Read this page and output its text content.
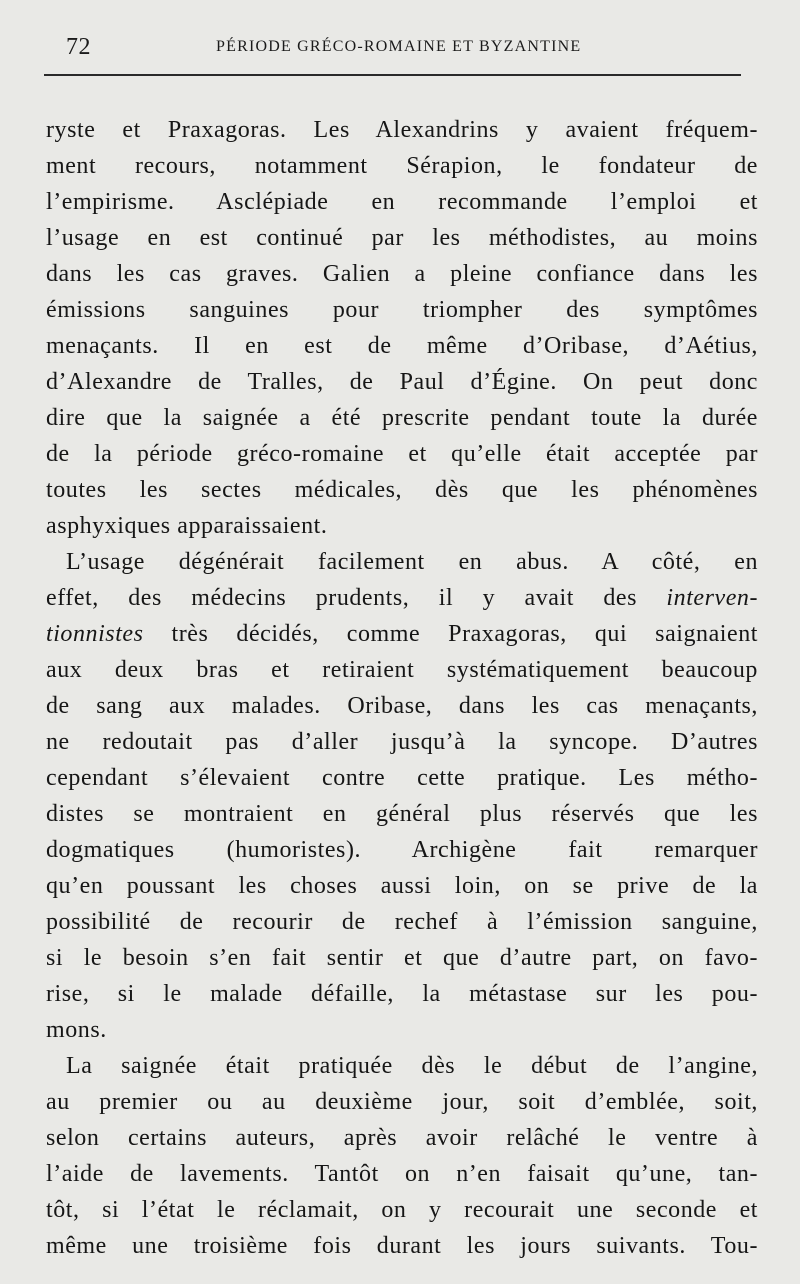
72	PÉRIODE GRÉCO-ROMAINE ET BYZANTINE
ryste et Praxagoras. Les Alexandrins y avaient fréquem-
ment recours, notamment Sérapion, le fondateur de
l’empirisme. Asclépiade en recommande l’emploi et
l’usage en est continué par les méthodistes, au moins
dans les cas graves. Galien a pleine confiance dans les
émissions sanguines pour triompher des symptômes
menaçants. Il en est de même d’Oribase, d’Aétius,
d’Alexandre de Tralles, de Paul d’Égine. On peut donc
dire que la saignée a été prescrite pendant toute la durée
de la période gréco-romaine et qu’elle était acceptée par
toutes les sectes médicales, dès que les phénomènes
asphyxiques apparaissaient.
L’usage dégénérait facilement en abus. A côté, en
effet, des médecins prudents, il y avait des interven-
tionnistes très décidés, comme Praxagoras, qui saignaient
aux deux bras et retiraient systématiquement beaucoup
de sang aux malades. Oribase, dans les cas menaçants,
ne redoutait pas d’aller jusqu’à la syncope. D’autres
cependant s’élevaient contre cette pratique. Les métho-
distes se montraient en général plus réservés que les
dogmatiques (humoristes). Archigène fait remarquer
qu’en poussant les choses aussi loin, on se prive de la
possibilité de recourir de rechef à l’émission sanguine,
si le besoin s’en fait sentir et que d’autre part, on favo-
rise, si le malade défaille, la métastase sur les pou-
mons.
La saignée était pratiquée dès le début de l’angine,
au premier ou au deuxième jour, soit d’emblée, soit,
selon certains auteurs, après avoir relâché le ventre à
l’aide de lavements. Tantôt on n’en faisait qu’une, tan-
tôt, si l’état le réclamait, on y recourait une seconde et
même une troisième fois durant les jours suivants. Tou-
